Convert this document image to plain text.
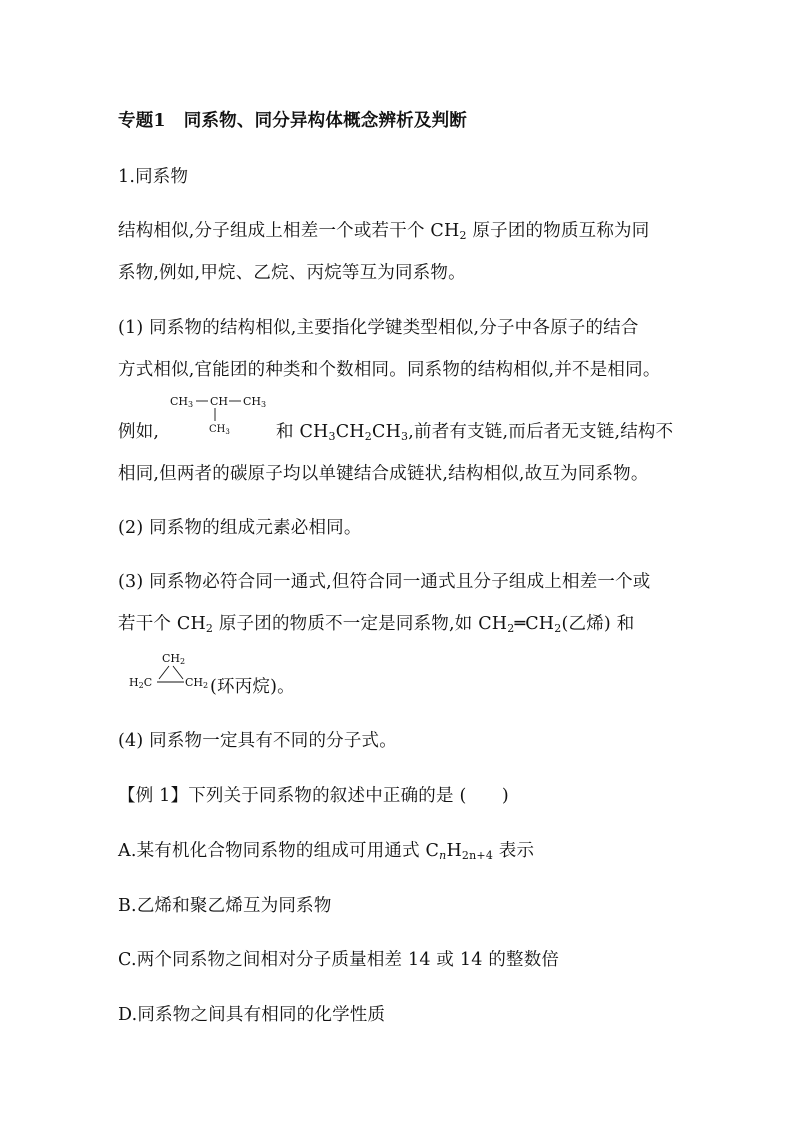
专题1 同系物、同分异构体概念辨析及判断
1.同系物
结构相似,分子组成上相差一个或若干个 $CH_2$ 原子团的物质互称为同
系物,例如,甲烷、乙烷、丙烷等互为同系物。
(1) 同系物的结构相似,主要指化学键类型相似,分子中各原子的结合
方式相似,官能团的种类和个数相同。同系物的结构相似,并不是相同。
CH3 CH CH3
$CH_3$
例如,	和 $CH_3CH_2CH_3$,前者有支链,而后者无支链,结构不
相同,但两者的碳原子均以单键结合成链状,结构相似,故互为同系物。
(2) 同系物的组成元素必相同。
(3) 同系物必符合同一通式,但符合同一通式且分子组成上相差一个或
若干个 $CH_2$ 原子团的物质不一定是同系物,如 $CH_2═CH_2$(乙烯) 和
CH2
H2C	CH2 (环丙烷)。
(4) 同系物一定具有不同的分子式。
【例 1】下列关于同系物的叙述中正确的是 (　　)
A.某有机化合物同系物的组成可用通式 $C_nH_{2n+4}$ 表示
B.乙烯和聚乙烯互为同系物
C.两个同系物之间相对分子质量相差 14 或 14 的整数倍
D.同系物之间具有相同的化学性质
